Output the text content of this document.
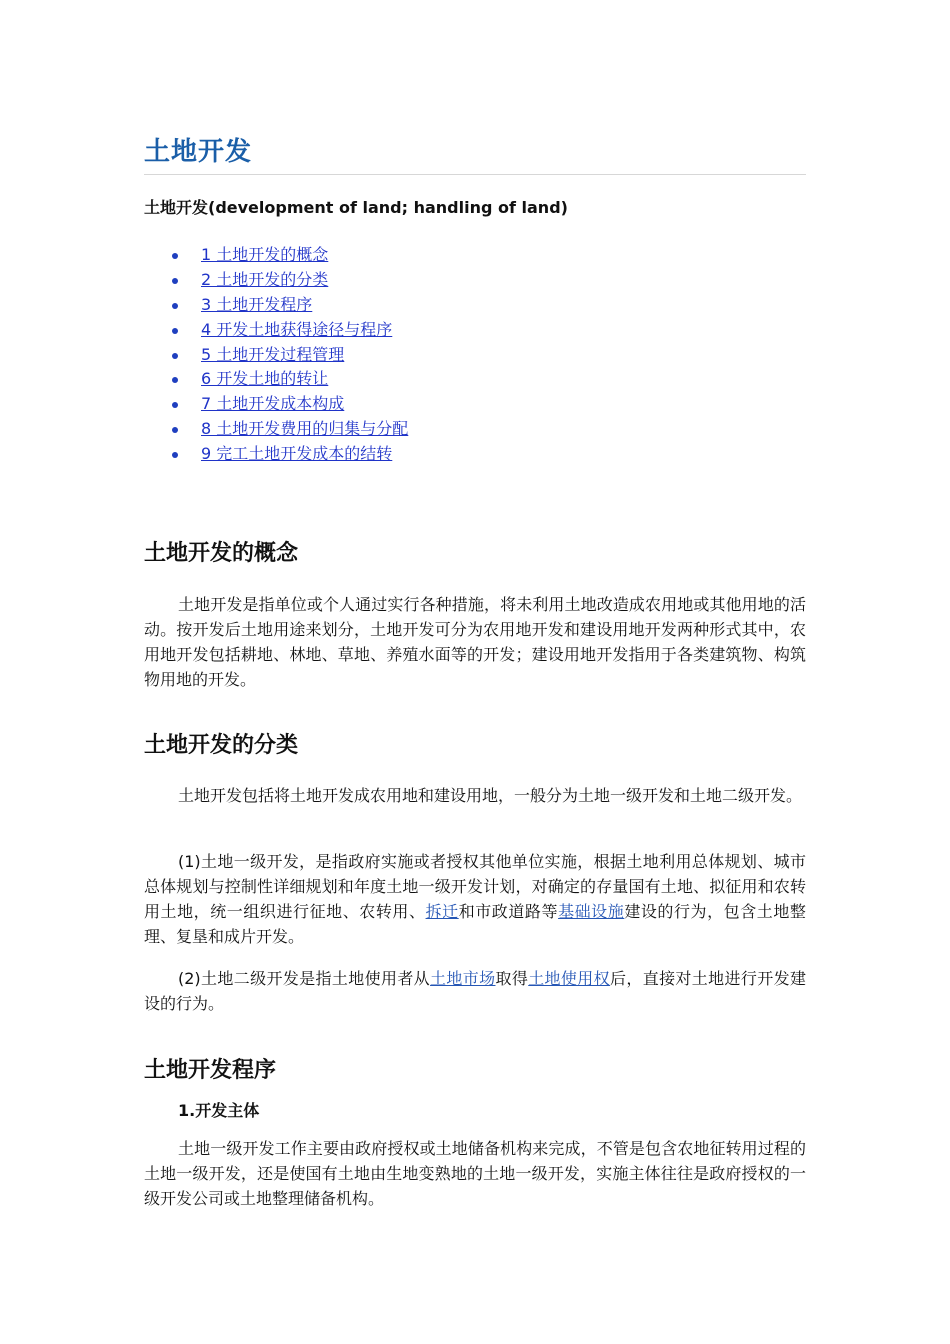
土地开发
土地开发(development of land; handling of land)
1 土地开发的概念
2 土地开发的分类
3 土地开发程序
4 开发土地获得途径与程序
5 土地开发过程管理
6 开发土地的转让
7 土地开发成本构成
8 土地开发费用的归集与分配
9 完工土地开发成本的结转
土地开发的概念

土地开发是指单位或个人通过实行各种措施，将未利用土地改造成农用地或其他用地的活动。按开发后土地用途来划分，土地开发可分为农用地开发和建设用地开发两种形式其中，农用地开发包括耕地、林地、草地、养殖水面等的开发；建设用地开发指用于各类建筑物、构筑物用地的开发。

土地开发的分类

土地开发包括将土地开发成农用地和建设用地，一般分为土地一级开发和土地二级开发。

(1)土地一级开发，是指政府实施或者授权其他单位实施，根据土地利用总体规划、城市总体规划与控制性详细规划和年度土地一级开发计划，对确定的存量国有土地、拟征用和农转用土地，统一组织进行征地、农转用、拆迁和市政道路等基础设施建设的行为，包含土地整理、复垦和成片开发。

(2)土地二级开发是指土地使用者从土地市场取得土地使用权后，直接对土地进行开发建设的行为。

土地开发程序
1.开发主体

土地一级开发工作主要由政府授权或土地储备机构来完成，不管是包含农地征转用过程的土地一级开发，还是使国有土地由生地变熟地的土地一级开发，实施主体往往是政府授权的一级开发公司或土地整理储备机构。
